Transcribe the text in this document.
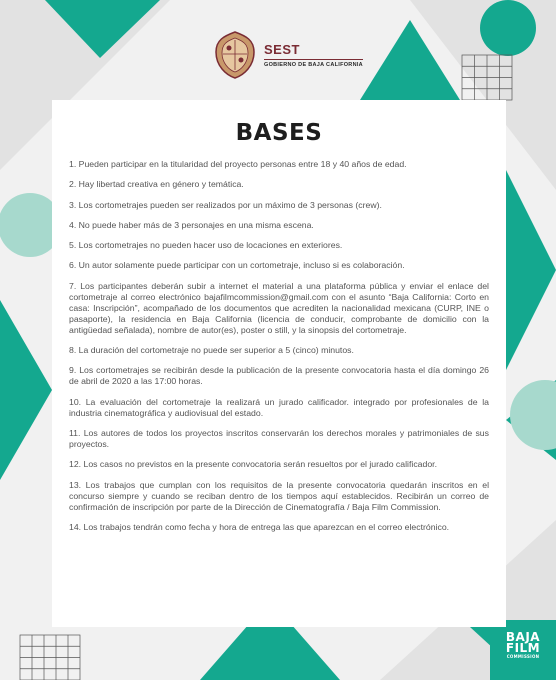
SEST
GOBIERNO DE BAJA CALIFORNIA
BASES
1. Pueden participar en la titularidad del proyecto personas entre 18 y 40 años de edad.
2. Hay libertad creativa en género y temática.
3. Los cortometrajes pueden ser realizados por un máximo de 3 personas (crew).
4. No puede haber más de 3 personajes en una misma escena.
5. Los cortometrajes no pueden hacer uso de locaciones en exteriores.
6. Un autor solamente puede participar con un cortometraje, incluso si es colaboración.
7. Los participantes deberán subir a internet el material a una plataforma pública y enviar el enlace del cortometraje al correo electrónico bajafilmcommission@gmail.com con el asunto “Baja California: Corto en casa: Inscripción”, acompañado de los documentos que acrediten la nacionalidad mexicana (CURP, INE o pasaporte), la residencia en Baja California (licencia de conducir, comprobante de domicilio con la antigüedad señalada), nombre de autor(es), poster o still, y la sinopsis del cortometraje.
8. La duración del cortometraje no puede ser superior a 5 (cinco) minutos.
9. Los cortometrajes se recibirán desde la publicación de la presente convocatoria hasta el día domingo 26 de abril de 2020 a las 17:00 horas.
10. La evaluación del cortometraje la realizará un jurado calificador. integrado por profesionales de la industria cinematográfica y audiovisual del estado.
11. Los autores de todos los proyectos inscritos conservarán los derechos morales y patrimoniales de sus proyectos.
12. Los casos no previstos en la presente convocatoria serán resueltos por el jurado calificador.
13. Los trabajos que cumplan con los requisitos de la presente convocatoria quedarán inscritos en el concurso siempre y cuando se reciban dentro de los tiempos aquí establecidos. Recibirán un correo de confirmación de inscripción por parte de la Dirección de Cinematografía / Baja Film Commission.
14. Los trabajos tendrán como fecha y hora de entrega las que aparezcan en el correo electrónico.
BAJA
FILM
COMMISSION
